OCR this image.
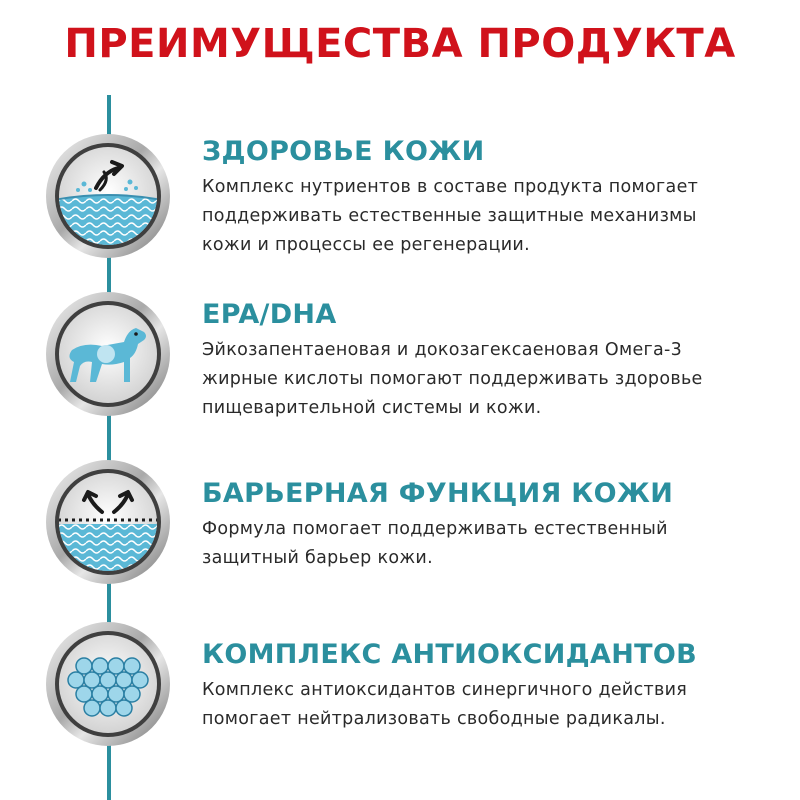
ПРЕИМУЩЕСТВА ПРОДУКТА
ЗДОРОВЬЕ КОЖИ

Комплекс нутриентов в составе продукта помогает

поддерживать естественные защитные механизмы

кожи и процессы ее регенерации.

EPA/DHA

Эйкозапентаеновая и докозагексаеновая Омега-3

жирные кислоты помогают поддерживать здоровье

пищеварительной системы и кожи.

БАРЬЕРНАЯ ФУНКЦИЯ КОЖИ

Формула помогает поддерживать естественный

защитный барьер кожи.

КОМПЛЕКС АНТИОКСИДАНТОВ

Комплекс антиоксидантов синергичного действия

помогает нейтрализовать свободные радикалы.
